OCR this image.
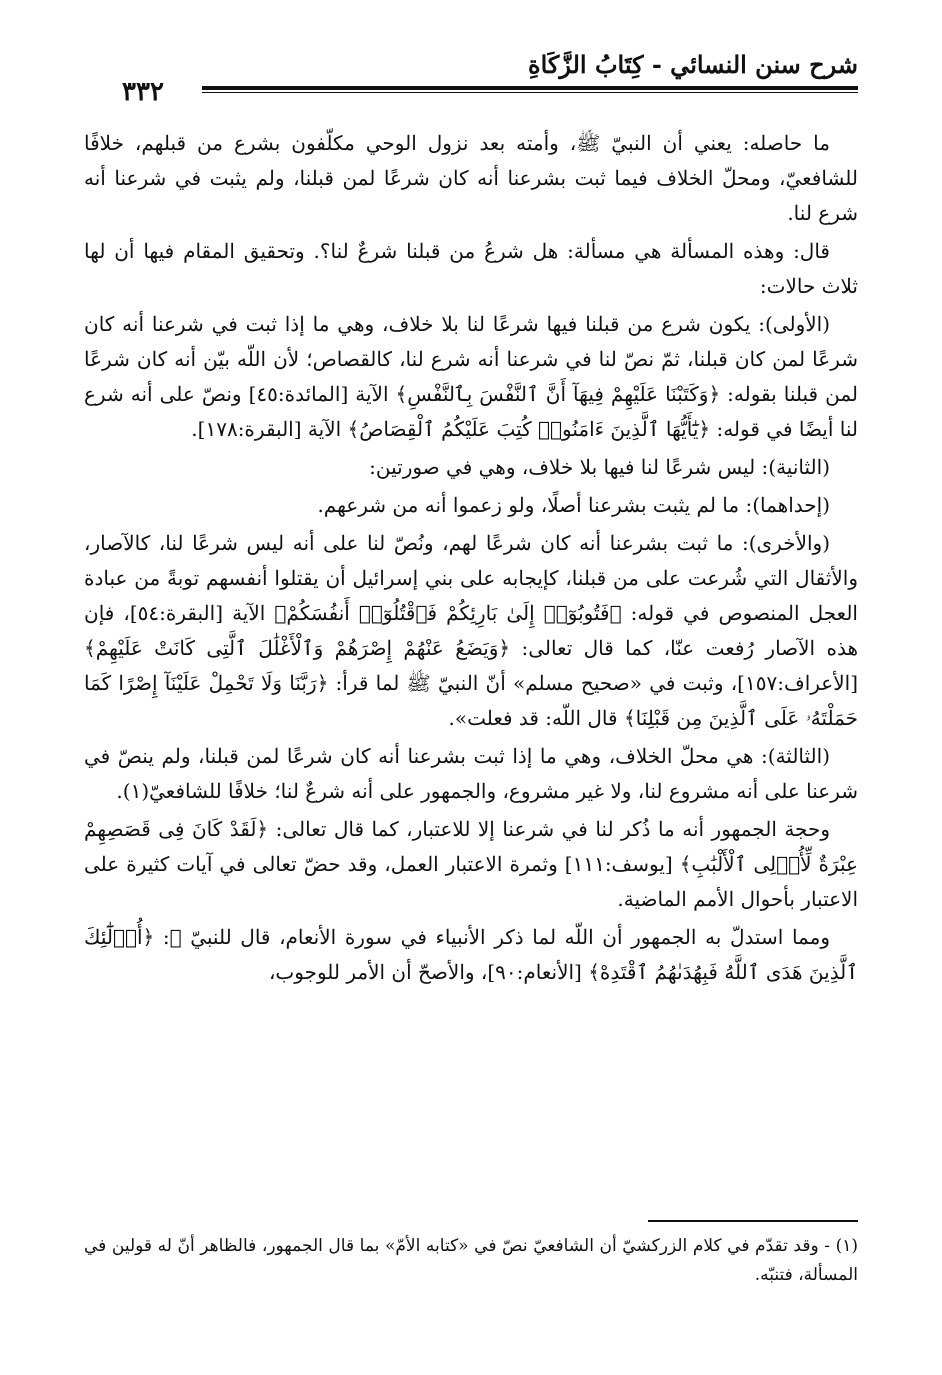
شرح سنن النسائي - كِتَابُ الزَّكَاةِ
٣٣٢

ما حاصله: يعني أن النبيّ ﷺ، وأمته بعد نزول الوحي مكلّفون بشرع من قبلهم، خلافًا للشافعيّ، ومحلّ الخلاف فيما ثبت بشرعنا أنه كان شرعًا لمن قبلنا، ولم يثبت في شرعنا أنه شرع لنا.

قال: وهذه المسألة هي مسألة: هل شرعُ من قبلنا شرعٌ لنا؟. وتحقيق المقام فيها أن لها ثلاث حالات:

(الأولى): يكون شرع من قبلنا فيها شرعًا لنا بلا خلاف، وهي ما إذا ثبت في شرعنا أنه كان شرعًا لمن كان قبلنا، ثمّ نصّ لنا في شرعنا أنه شرع لنا، كالقصاص؛ لأن اللّه بيّن أنه كان شرعًا لمن قبلنا بقوله: ﴿وَكَتَبْنَا عَلَيْهِمْ فِيهَآ أَنَّ ٱلنَّفْسَ بِٱلنَّفْسِ﴾ الآية [المائدة:٤٥] ونصّ على أنه شرع لنا أيضًا في قوله: ﴿يَٰٓأَيُّهَا ٱلَّذِينَ ءَامَنُوا۟ كُتِبَ عَلَيْكُمُ ٱلْقِصَاصُ﴾ الآية [البقرة:١٧٨].

(الثانية): ليس شرعًا لنا فيها بلا خلاف، وهي في صورتين:

(إحداهما): ما لم يثبت بشرعنا أصلًا، ولو زعموا أنه من شرعهم.

(والأخرى): ما ثبت بشرعنا أنه كان شرعًا لهم، ونُصّ لنا على أنه ليس شرعًا لنا، كالآصار، والأثقال التي شُرعت على من قبلنا، كإيجابه على بني إسرائيل أن يقتلوا أنفسهم توبةً من عبادة العجل المنصوص في قوله: ﴿فَتُوبُوٓا۟ إِلَىٰ بَارِئِكُمْ فَٱقْتُلُوٓا۟ أَنفُسَكُمْ﴾ الآية [البقرة:٥٤]، فإن هذه الآصار رُفعت عنّا، كما قال تعالى: ﴿وَيَضَعُ عَنْهُمْ إِصْرَهُمْ وَٱلْأَغْلَٰلَ ٱلَّتِى كَانَتْ عَلَيْهِمْ﴾ [الأعراف:١٥٧]، وثبت في «صحيح مسلم» أنّ النبيّ ﷺ لما قرأ: ﴿رَبَّنَا وَلَا تَحْمِلْ عَلَيْنَآ إِصْرًا كَمَا حَمَلْتَهُۥ عَلَى ٱلَّذِينَ مِن قَبْلِنَا﴾ قال اللّه: قد فعلت».

(الثالثة): هي محلّ الخلاف، وهي ما إذا ثبت بشرعنا أنه كان شرعًا لمن قبلنا، ولم ينصّ في شرعنا على أنه مشروع لنا، ولا غير مشروع، والجمهور على أنه شرعٌ لنا؛ خلافًا للشافعيّ(١).

وحجة الجمهور أنه ما ذُكر لنا في شرعنا إلا للاعتبار، كما قال تعالى: ﴿لَقَدْ كَانَ فِى قَصَصِهِمْ عِبْرَةٌ لِّأُو۟لِى ٱلْأَلْبَٰبِ﴾ [يوسف:١١١] وثمرة الاعتبار العمل، وقد حضّ تعالى في آيات كثيرة على الاعتبار بأحوال الأمم الماضية.

ومما استدلّ به الجمهور أن اللّه لما ذكر الأنبياء في سورة الأنعام، قال للنبيّ ﷺ: ﴿أُو۟لَٰٓئِكَ ٱلَّذِينَ هَدَى ٱللَّهُ فَبِهُدَىٰهُمُ ٱقْتَدِهْ﴾ [الأنعام:٩٠]، والأصحّ أن الأمر للوجوب،

(١) - وقد تقدّم في كلام الزركشيّ أن الشافعيّ نصّ في «كتابه الأمّ» بما قال الجمهور، فالظاهر أنّ له قولين في المسألة، فتنبّه.
